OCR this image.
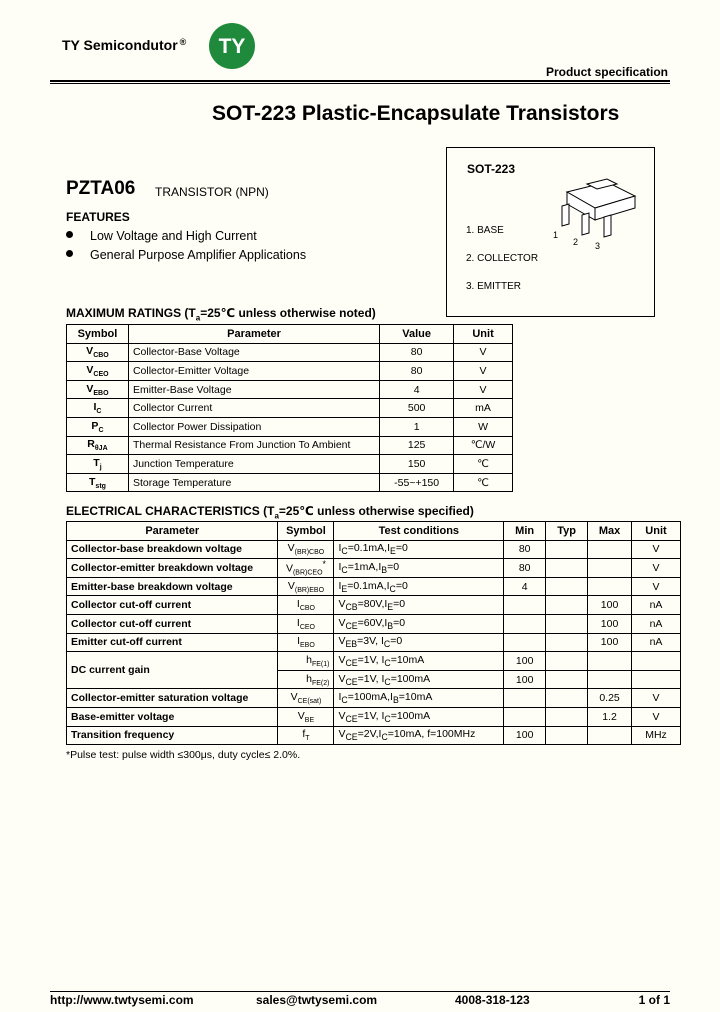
TY Semicondutor ® TY
Product specification
SOT-223 Plastic-Encapsulate Transistors
SOT-223
1
2 3
1. BASE
2. COLLECTOR
3. EMITTER
PZTA06 TRANSISTOR (NPN)
FEATURES
Low Voltage and High Current
General Purpose Amplifier Applications
MAXIMUM RATINGS ($T_a=25℃$ unless otherwise noted)
Symbol	Parameter	Value	Unit
$V_{CBO}$	Collector-Base Voltage	80	V
$V_{CEO}$	Collector-Emitter Voltage	80	V
$V_{EBO}$	Emitter-Base Voltage	4	V
$I_C$	Collector Current	500	mA
$P_C$	Collector Power Dissipation	1	W
$R_{\theta JA}$	Thermal Resistance From Junction To Ambient	125	℃/W
$T_j$	Junction Temperature	150	℃
$T_{stg}$	Storage Temperature	-55~+150	℃
ELECTRICAL CHARACTERISTICS ($T_a=25℃$ unless otherwise specified)
Parameter	Symbol	Test conditions	Min	Typ	Max	Unit
Collector-base breakdown voltage	$V_{(BR)CBO}$	$I_C=0.1mA,I_E=0$	80			V
Collector-emitter breakdown voltage	$V_{(BR)CEO}^*$	$I_C=1mA,I_B=0$	80			V
Emitter-base breakdown voltage	$V_{(BR)EBO}$	$I_E=0.1mA,I_C=0$	4			V
Collector cut-off current	$I_{CBO}$	$V_{CB}=80V,I_E=0$			100	nA
Collector cut-off current	$I_{CEO}$	$V_{CE}=60V,I_B=0$			100	nA
Emitter cut-off current	$I_{EBO}$	$V_{EB}=3V$, $I_C=0$			100	nA
DC current gain	$h_{FE(1)}$	$V_{CE}=1V$, $I_C=10mA$	100			
	$h_{FE(2)}$	$V_{CE}=1V$, $I_C=100mA$	100			
Collector-emitter saturation voltage	$V_{CE(sat)}$	$I_C=100mA,I_B=10mA$			0.25	V
Base-emitter voltage	$V_{BE}$	$V_{CE}=1V$, $I_C=100mA$			1.2	V
Transition frequency	$f_T$	$V_{CE}=2V,I_C=10mA$, f=100MHz	100			MHz
*Pulse test: pulse width ≤300μs, duty cycle≤ 2.0%.
http://www.twtysemi.com	sales@twtysemi.com	4008-318-123	1 of 1
